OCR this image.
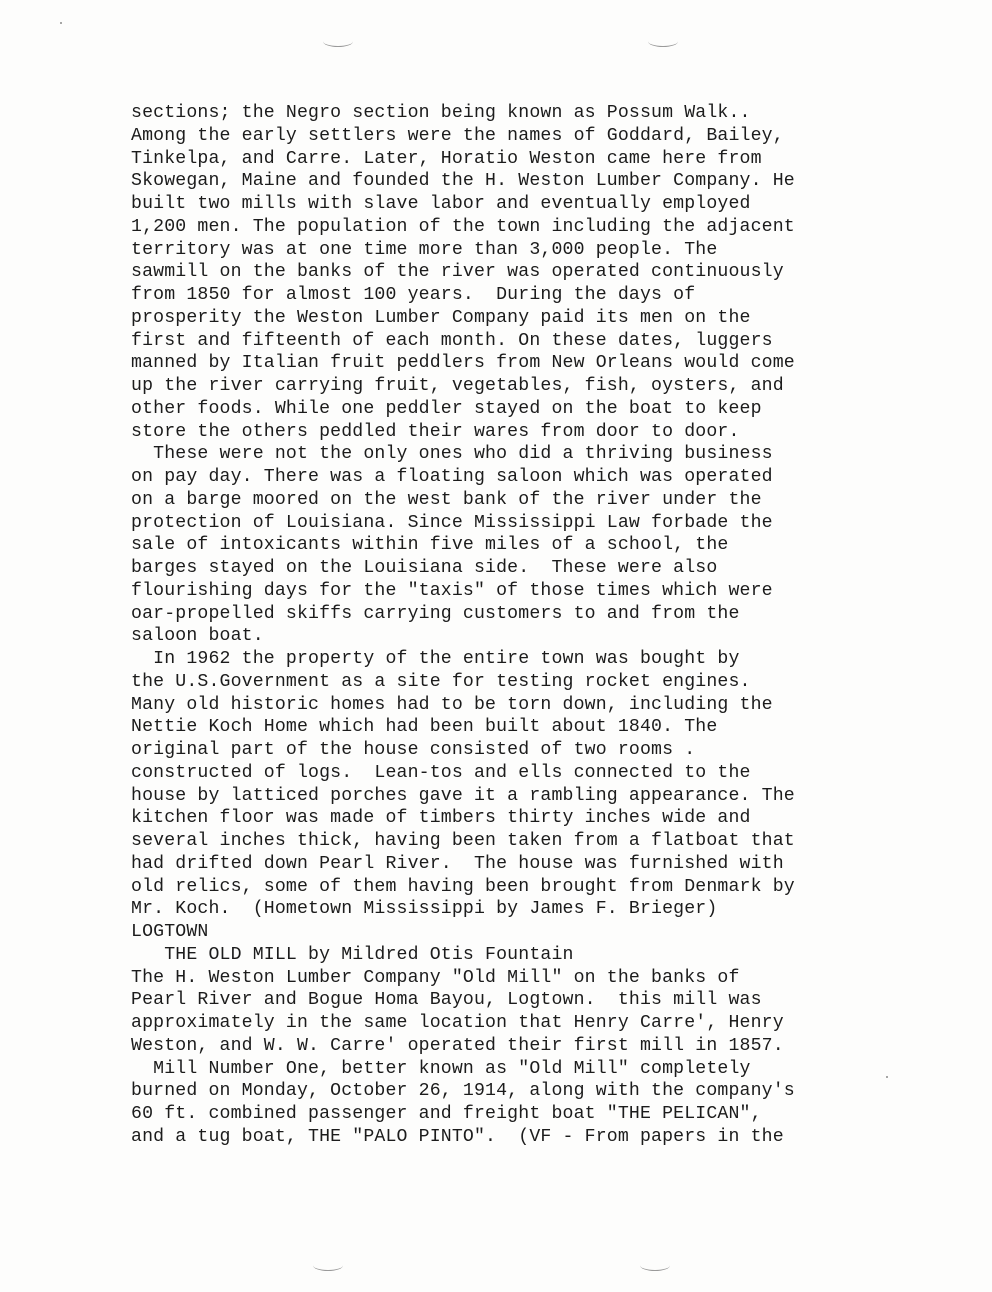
sections; the Negro section being known as Possum Walk..
Among the early settlers were the names of Goddard, Bailey,
Tinkelpa, and Carre. Later, Horatio Weston came here from
Skowegan, Maine and founded the H. Weston Lumber Company. He
built two mills with slave labor and eventually employed
1,200 men. The population of the town including the adjacent
territory was at one time more than 3,000 people. The
sawmill on the banks of the river was operated continuously
from 1850 for almost 100 years.  During the days of
prosperity the Weston Lumber Company paid its men on the
first and fifteenth of each month. On these dates, luggers
manned by Italian fruit peddlers from New Orleans would come
up the river carrying fruit, vegetables, fish, oysters, and
other foods. While one peddler stayed on the boat to keep
store the others peddled their wares from door to door.
These were not the only ones who did a thriving business
on pay day. There was a floating saloon which was operated
on a barge moored on the west bank of the river under the
protection of Louisiana. Since Mississippi Law forbade the
sale of intoxicants within five miles of a school, the
barges stayed on the Louisiana side.  These were also
flourishing days for the "taxis" of those times which were
oar-propelled skiffs carrying customers to and from the
saloon boat.
In 1962 the property of the entire town was bought by
the U.S.Government as a site for testing rocket engines.
Many old historic homes had to be torn down, including the
Nettie Koch Home which had been built about 1840. The
original part of the house consisted of two rooms .
constructed of logs.  Lean-tos and ells connected to the
house by latticed porches gave it a rambling appearance. The
kitchen floor was made of timbers thirty inches wide and
several inches thick, having been taken from a flatboat that
had drifted down Pearl River.  The house was furnished with
old relics, some of them having been brought from Denmark by
Mr. Koch.  (Hometown Mississippi by James F. Brieger)
LOGTOWN
THE OLD MILL by Mildred Otis Fountain
The H. Weston Lumber Company "Old Mill" on the banks of
Pearl River and Bogue Homa Bayou, Logtown.  this mill was
approximately in the same location that Henry Carre', Henry
Weston, and W. W. Carre' operated their first mill in 1857.
Mill Number One, better known as "Old Mill" completely
burned on Monday, October 26, 1914, along with the company's
60 ft. combined passenger and freight boat "THE PELICAN",
and a tug boat, THE "PALO PINTO".  (VF - From papers in the
